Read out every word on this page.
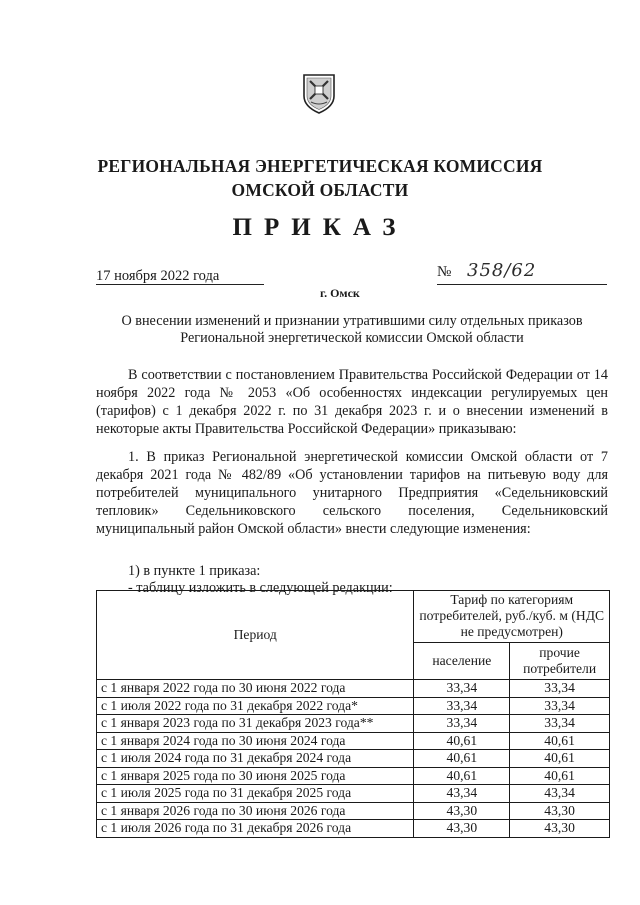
РЕГИОНАЛЬНАЯ ЭНЕРГЕТИЧЕСКАЯ КОМИССИЯ
ОМСКОЙ ОБЛАСТИ
ПРИКАЗ
17 ноября 2022 года	№ 358/62
г. Омск
О внесении изменений и признании утратившими силу отдельных приказов Региональной энергетической комиссии Омской области
В соответствии с постановлением Правительства Российской Федерации от 14 ноября 2022 года № 2053 «Об особенностях индексации регулируемых цен (тарифов) с 1 декабря 2022 г. по 31 декабря 2023 г. и о внесении изменений в некоторые акты Правительства Российской Федерации» приказываю:
1. В приказ Региональной энергетической комиссии Омской области от 7 декабря 2021 года № 482/89 «Об установлении тарифов на питьевую воду для потребителей муниципального унитарного Предприятия «Седельниковский тепловик» Седельниковского сельского поселения, Седельниковский муниципальный район Омской области» внести следующие изменения:
1) в пункте 1 приказа:
- таблицу изложить в следующей редакции:
Период	Тариф по категориям потребителей, руб./куб. м (НДС не предусмотрен)	
	население	прочие потребители
с 1 января 2022 года по 30 июня 2022 года	33,34	33,34
с 1 июля 2022 года по 31 декабря 2022 года*	33,34	33,34
с 1 января 2023 года по 31 декабря 2023 года**	33,34	33,34
с 1 января 2024 года по 30 июня 2024 года	40,61	40,61
с 1 июля 2024 года по 31 декабря 2024 года	40,61	40,61
с 1 января 2025 года по 30 июня 2025 года	40,61	40,61
с 1 июля 2025 года по 31 декабря 2025 года	43,34	43,34
с 1 января 2026 года по 30 июня 2026 года	43,30	43,30
с 1 июля 2026 года по 31 декабря 2026 года	43,30	43,30
